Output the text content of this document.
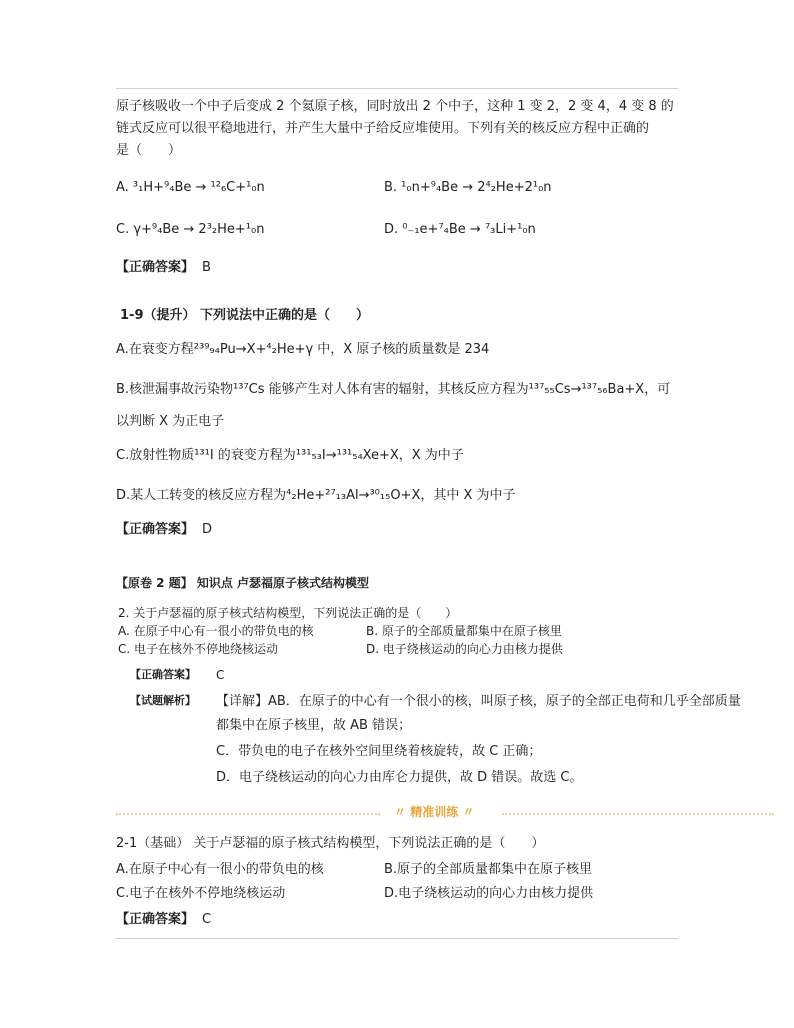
原子核吸收一个中子后变成 2 个氦原子核，同时放出 2 个中子，这种 1 变 2，2 变 4，4 变 8 的

链式反应可以很平稳地进行，并产生大量中子给反应堆使用。下列有关的核反应方程中正确的

是（　　）

A. ³₁H+⁹₄Be → ¹²₆C+¹₀n	B. ¹₀n+⁹₄Be → 2⁴₂He+2¹₀n
C. γ+⁹₄Be → 2³₂He+¹₀n	D. ⁰₋₁e+⁷₄Be → ⁷₃Li+¹₀n
【正确答案】 B
1-9（提升） 下列说法中正确的是（　　）
A.在衰变方程²³⁹₉₄Pu→X+⁴₂He+γ 中，X 原子核的质量数是 234
B.核泄漏事故污染物¹³⁷Cs 能够产生对人体有害的辐射，其核反应方程为¹³⁷₅₅Cs→¹³⁷₅₆Ba+X，可
以判断 X 为正电子
C.放射性物质¹³¹I 的衰变方程为¹³¹₅₃I→¹³¹₅₄Xe+X，X 为中子
D.某人工转变的核反应方程为⁴₂He+²⁷₁₃Al→³⁰₁₅O+X，其中 X 为中子
【正确答案】 D
【原卷 2 题】 知识点 卢瑟福原子核式结构模型
2. 关于卢瑟福的原子核式结构模型，下列说法正确的是（　　）
A. 在原子中心有一很小的带负电的核	B. 原子的全部质量都集中在原子核里
C. 电子在核外不停地绕核运动	D. 电子绕核运动的向心力由核力提供
【正确答案】 C
【试题解析】 【详解】AB．在原子的中心有一个很小的核，叫原子核，原子的全部正电荷和几乎全部质量
都集中在原子核里，故 AB 错误；
C．带负电的电子在核外空间里绕着核旋转，故 C 正确；
D．电子绕核运动的向心力由库仑力提供，故 D 错误。故选 C。
〃 精准训练 〃
2-1（基础） 关于卢瑟福的原子核式结构模型，下列说法正确的是（　　）
A.在原子中心有一很小的带负电的核	B.原子的全部质量都集中在原子核里
C.电子在核外不停地绕核运动	D.电子绕核运动的向心力由核力提供
【正确答案】 C
